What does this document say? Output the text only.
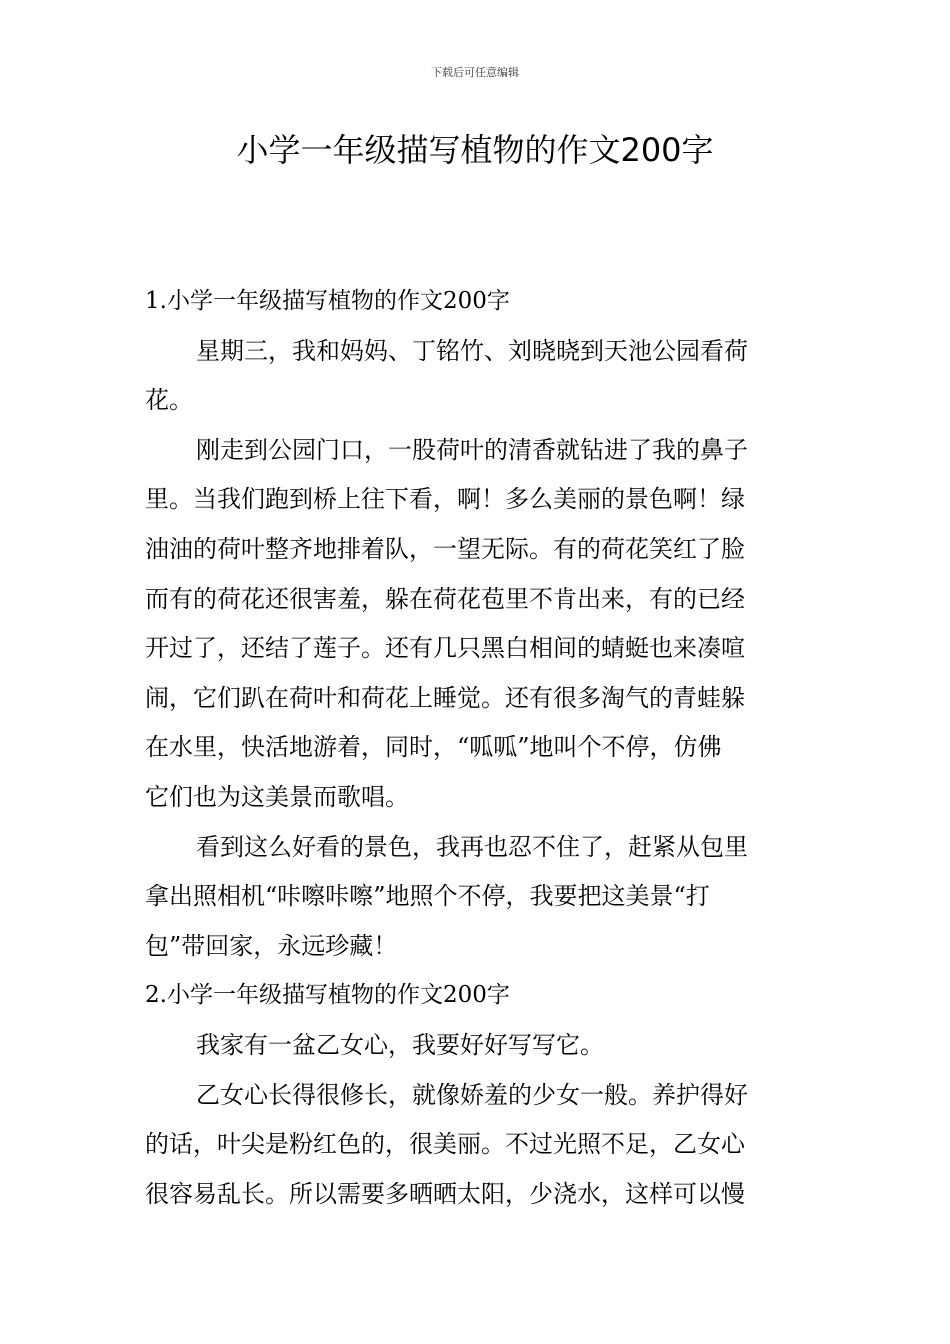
下载后可任意编辑
小学一年级描写植物的作文200字
1.小学一年级描写植物的作文200字
星期三，我和妈妈、丁铭竹、刘晓晓到天池公园看荷
花。
刚走到公园门口，一股荷叶的清香就钻进了我的鼻子
里。当我们跑到桥上往下看，啊！多么美丽的景色啊！绿
油油的荷叶整齐地排着队，一望无际。有的荷花笑红了脸
而有的荷花还很害羞，躲在荷花苞里不肯出来，有的已经
开过了，还结了莲子。还有几只黑白相间的蜻蜓也来凑喧
闹，它们趴在荷叶和荷花上睡觉。还有很多淘气的青蛙躲
在水里，快活地游着，同时，“呱呱”地叫个不停，仿佛
它们也为这美景而歌唱。
看到这么好看的景色，我再也忍不住了，赶紧从包里
拿出照相机“咔嚓咔嚓”地照个不停，我要把这美景“打
包”带回家，永远珍藏！
2.小学一年级描写植物的作文200字
我家有一盆乙女心，我要好好写写它。
乙女心长得很修长，就像娇羞的少女一般。养护得好
的话，叶尖是粉红色的，很美丽。不过光照不足，乙女心
很容易乱长。所以需要多晒晒太阳，少浇水，这样可以慢
